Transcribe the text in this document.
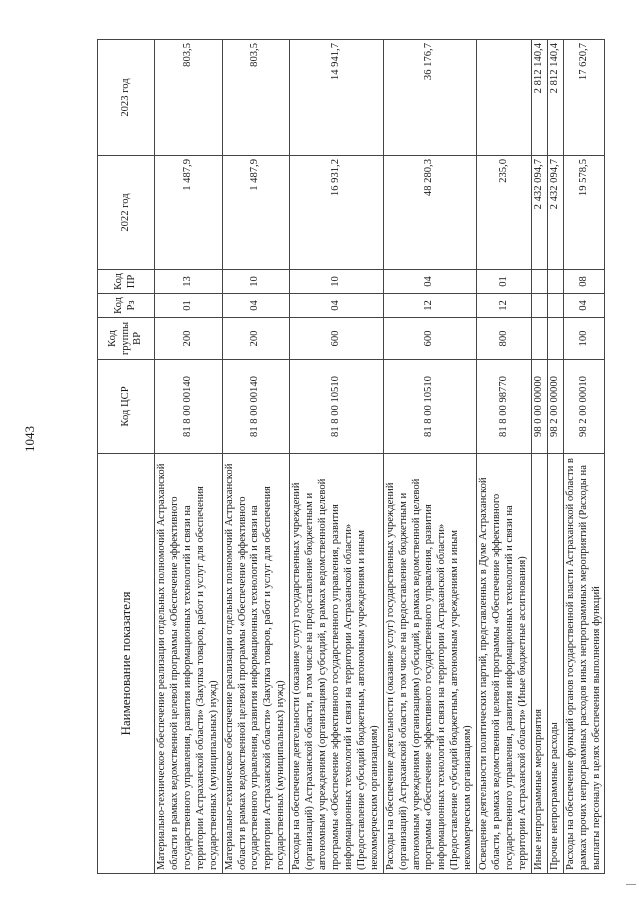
1043
Наименование показателя	Код ЦСР	Код группы ВР	Код Рз	Код ПР	2022 год	2023 год
Материально-техническое обеспечение реализации отдельных полномочий Астраханской области в рамках ведомственной целевой программы «Обеспечение эффективного государственного управления, развития информационных технологий и связи на территории Астраханской области» (Закупка товаров, работ и услуг для обеспечения государственных (муниципальных) нужд)	81 8 00 00140	200	01	13	1 487,9	803,5
Материально-техническое обеспечение реализации отдельных полномочий Астраханской области в рамках ведомственной целевой программы «Обеспечение эффективного государственного управления, развития информационных технологий и связи на территории Астраханской области» (Закупка товаров, работ и услуг для обеспечения государственных (муниципальных) нужд)	81 8 00 00140	200	04	10	1 487,9	803,5
Расходы на обеспечение деятельности (оказание услуг) государственных учреждений (организаций) Астраханской области, в том числе на предоставление бюджетным и автономным учреждениям (организациям) субсидий, в рамках ведомственной целевой программы «Обеспечение эффективного государственного управления, развития информационных технологий и связи на территории Астраханской области» (Предоставление субсидий бюджетным, автономным учреждениям и иным некоммерческим организациям)	81 8 00 10510	600	04	10	16 931,2	14 941,7
Расходы на обеспечение деятельности (оказание услуг) государственных учреждений (организаций) Астраханской области, в том числе на предоставление бюджетным и автономным учреждениям (организациям) субсидий, в рамках ведомственной целевой программы «Обеспечение эффективного государственного управления, развития информационных технологий и связи на территории Астраханской области» (Предоставление субсидий бюджетным, автономным учреждениям и иным некоммерческим организациям)	81 8 00 10510	600	12	04	48 280,3	36 176,7
Освещение деятельности политических партий, представленных в Думе Астраханской области, в рамках ведомственной целевой программы «Обеспечение эффективного государственного управления, развития информационных технологий и связи на территории Астраханской области» (Иные бюджетные ассигнования)	81 8 00 98770	800	12	01	235,0	
Иные непрограммные мероприятия	98 0 00 00000				2 432 094,7	2 812 140,4
Прочие непрограммные расходы	98 2 00 00000				2 432 094,7	2 812 140,4
Расходы на обеспечение функций органов государственной власти Астраханской области в рамках прочих непрограммных расходов иных непрограммных мероприятий (Расходы на выплаты персоналу в целях обеспечения выполнения функций	98 2 00 00010	100	04	08	19 578,5	17 620,7
